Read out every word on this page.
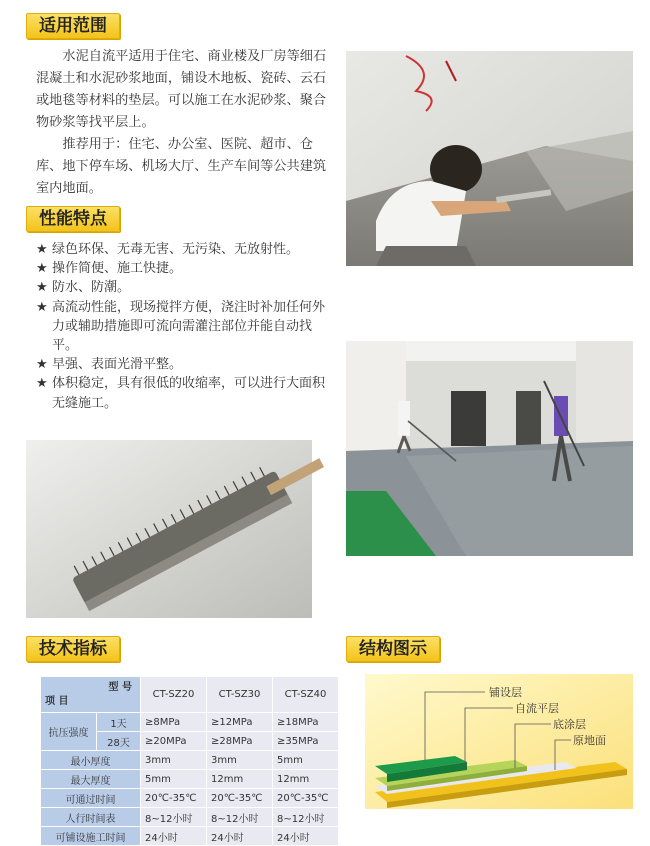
适用范围

水泥自流平适用于住宅、商业楼及厂房等细石混凝土和水泥砂浆地面，铺设木地板、瓷砖、云石或地毯等材料的垫层。可以施工在水泥砂浆、聚合物砂浆等找平层上。

推荐用于：住宅、办公室、医院、超市、仓库、地下停车场、机场大厅、生产车间等公共建筑室内地面。

性能特点
★ 绿色环保、无毒无害、无污染、无放射性。
★ 操作简便、施工快捷。
★ 防水、防潮。
★ 高流动性能，现场搅拌方便，浇注时补加任何外力或辅助措施即可流向需灌注部位并能自动找平。
★ 早强、表面光滑平整。
★ 体积稳定，具有很低的收缩率，可以进行大面积无缝施工。
技术指标
型 号
项 目		CT-SZ20	CT-SZ30	CT-SZ40
抗压强度	1天	≥8MPa	≥12MPa	≥18MPa
	28天	≥20MPa	≥28MPa	≥35MPa
最小厚度		3mm	3mm	5mm
最大厚度		5mm	12mm	12mm
可通过时间		20℃-35℃	20℃-35℃	20℃-35℃
人行时间表		8~12小时	8~12小时	8~12小时
可铺设施工时间		24小时	24小时	24小时
结构图示
铺设层
自流平层
底涂层
原地面
